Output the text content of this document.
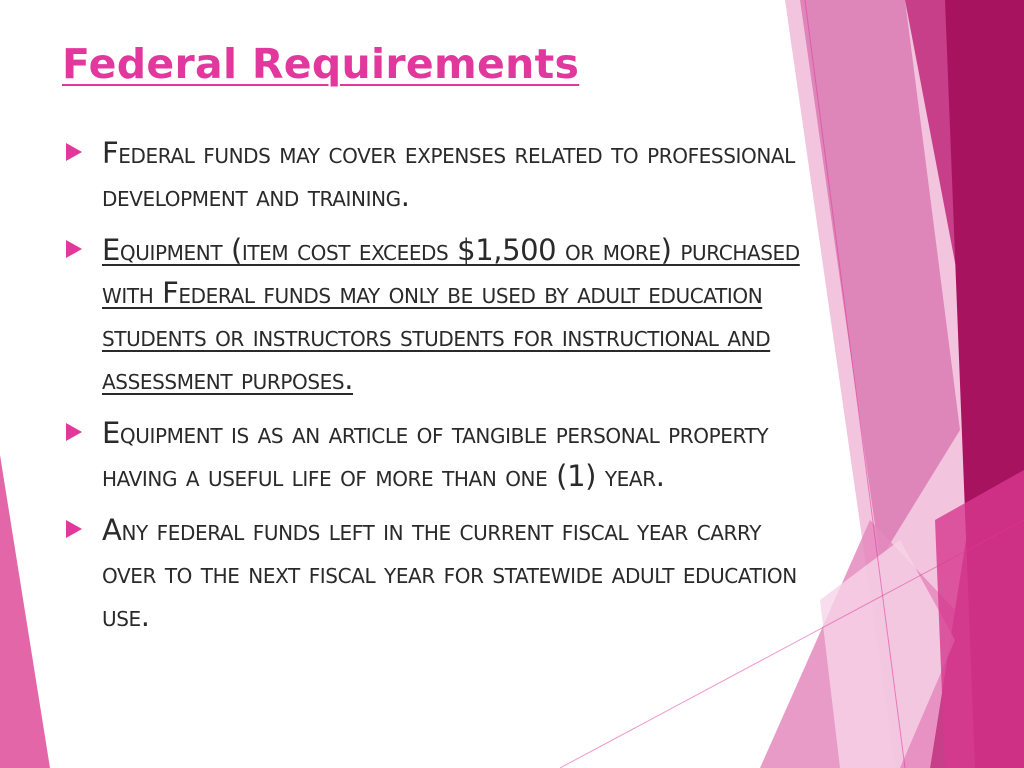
Federal Requirements
Federal funds may cover expenses related to professional development and training.
Equipment (item cost exceeds $1,500 or more) purchased with Federal funds may only be used by adult education students or instructors students for instructional and assessment purposes.
Equipment is as an article of tangible personal property having a useful life of more than one (1) year.
Any federal funds left in the current fiscal year carry over to the next fiscal year for statewide adult education use.
